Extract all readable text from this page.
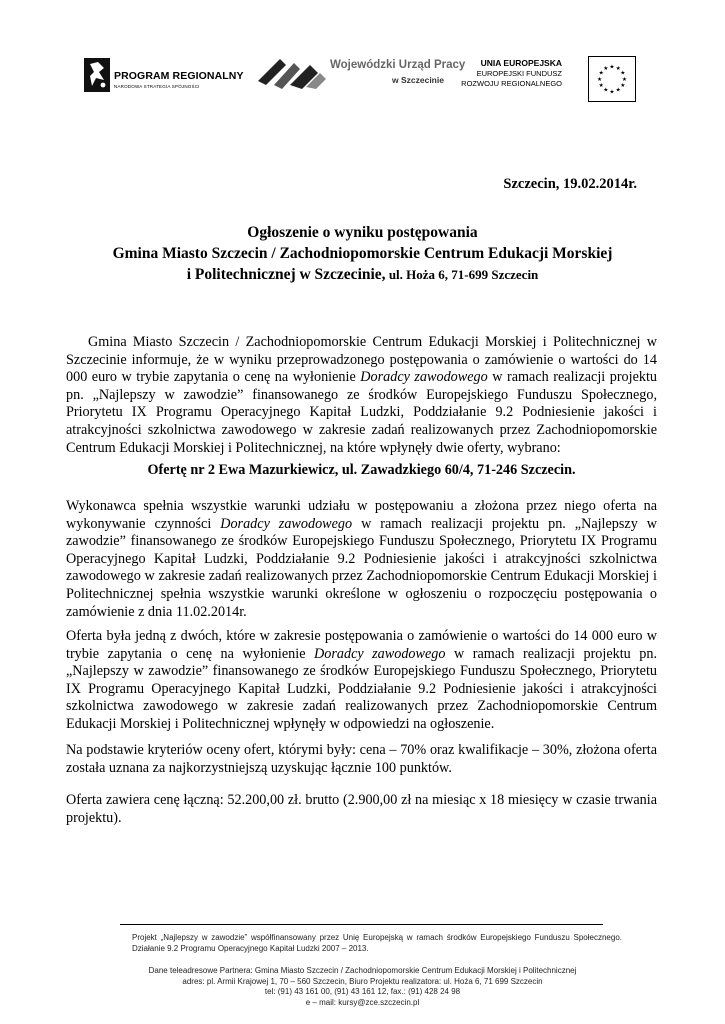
PROGRAM REGIONALNY
NARODOWA STRATEGIA SPÓJNOŚCI
Wojewódzki Urząd Pracy
w Szczecinie
UNIA EUROPEJSKA
EUROPEJSKI FUNDUSZ
ROZWOJU REGIONALNEGO
★ ★
★
★
★
★
★
★
★
★
★
★
Szczecin, 19.02.2014r.
Ogłoszenie o wyniku postępowania
Gmina Miasto Szczecin / Zachodniopomorskie Centrum Edukacji Morskiej
i Politechnicznej w Szczecinie, ul. Hoża 6, 71-699 Szczecin
Gmina Miasto Szczecin / Zachodniopomorskie Centrum Edukacji Morskiej i Politechnicznej w Szczecinie informuje, że w wyniku przeprowadzonego postępowania o zamówienie o wartości do 14 000 euro w trybie zapytania o cenę na wyłonienie Doradcy zawodowego w ramach realizacji projektu pn. „Najlepszy w zawodzie” finansowanego ze środków Europejskiego Funduszu Społecznego, Priorytetu IX Programu Operacyjnego Kapitał Ludzki, Poddziałanie 9.2 Podniesienie jakości i atrakcyjności szkolnictwa zawodowego w zakresie zadań realizowanych przez Zachodniopomorskie Centrum Edukacji Morskiej i Politechnicznej, na które wpłynęły dwie oferty, wybrano:
Ofertę nr 2 Ewa Mazurkiewicz, ul. Zawadzkiego 60/4, 71-246 Szczecin.
Wykonawca spełnia wszystkie warunki udziału w postępowaniu a złożona przez niego oferta na wykonywanie czynności Doradcy zawodowego w ramach realizacji projektu pn. „Najlepszy w zawodzie” finansowanego ze środków Europejskiego Funduszu Społecznego, Priorytetu IX Programu Operacyjnego Kapitał Ludzki, Poddziałanie 9.2 Podniesienie jakości i atrakcyjności szkolnictwa zawodowego w zakresie zadań realizowanych przez Zachodniopomorskie Centrum Edukacji Morskiej i Politechnicznej spełnia wszystkie warunki określone w ogłoszeniu o rozpoczęciu postępowania o zamówienie z dnia 11.02.2014r.
Oferta była jedną z dwóch, które w zakresie postępowania o zamówienie o wartości do 14 000 euro w trybie zapytania o cenę na wyłonienie Doradcy zawodowego w ramach realizacji projektu pn. „Najlepszy w zawodzie” finansowanego ze środków Europejskiego Funduszu Społecznego, Priorytetu IX Programu Operacyjnego Kapitał Ludzki, Poddziałanie 9.2 Podniesienie jakości i atrakcyjności szkolnictwa zawodowego w zakresie zadań realizowanych przez Zachodniopomorskie Centrum Edukacji Morskiej i Politechnicznej wpłynęły w odpowiedzi na ogłoszenie.
Na podstawie kryteriów oceny ofert, którymi były: cena – 70% oraz kwalifikacje – 30%, złożona oferta została uznana za najkorzystniejszą uzyskując łącznie 100 punktów.
Oferta zawiera cenę łączną: 52.200,00 zł. brutto (2.900,00 zł na miesiąc x 18 miesięcy w czasie trwania projektu).
Projekt „Najlepszy w zawodzie” współfinansowany przez Unię Europejską w ramach środków Europejskiego Funduszu Społecznego. Działanie 9.2 Programu Operacyjnego Kapitał Ludzki 2007 – 2013.
Dane teleadresowe Partnera: Gmina Miasto Szczecin / Zachodniopomorskie Centrum Edukacji Morskiej i Politechnicznej
adres: pl. Armii Krajowej 1, 70 – 560 Szczecin, Biuro Projektu realizatora: ul. Hoża 6, 71 699 Szczecin
tel: (91) 43 161 00, (91) 43 161 12, fax.: (91) 428 24 98
e – mail: kursy@zce.szczecin.pl
